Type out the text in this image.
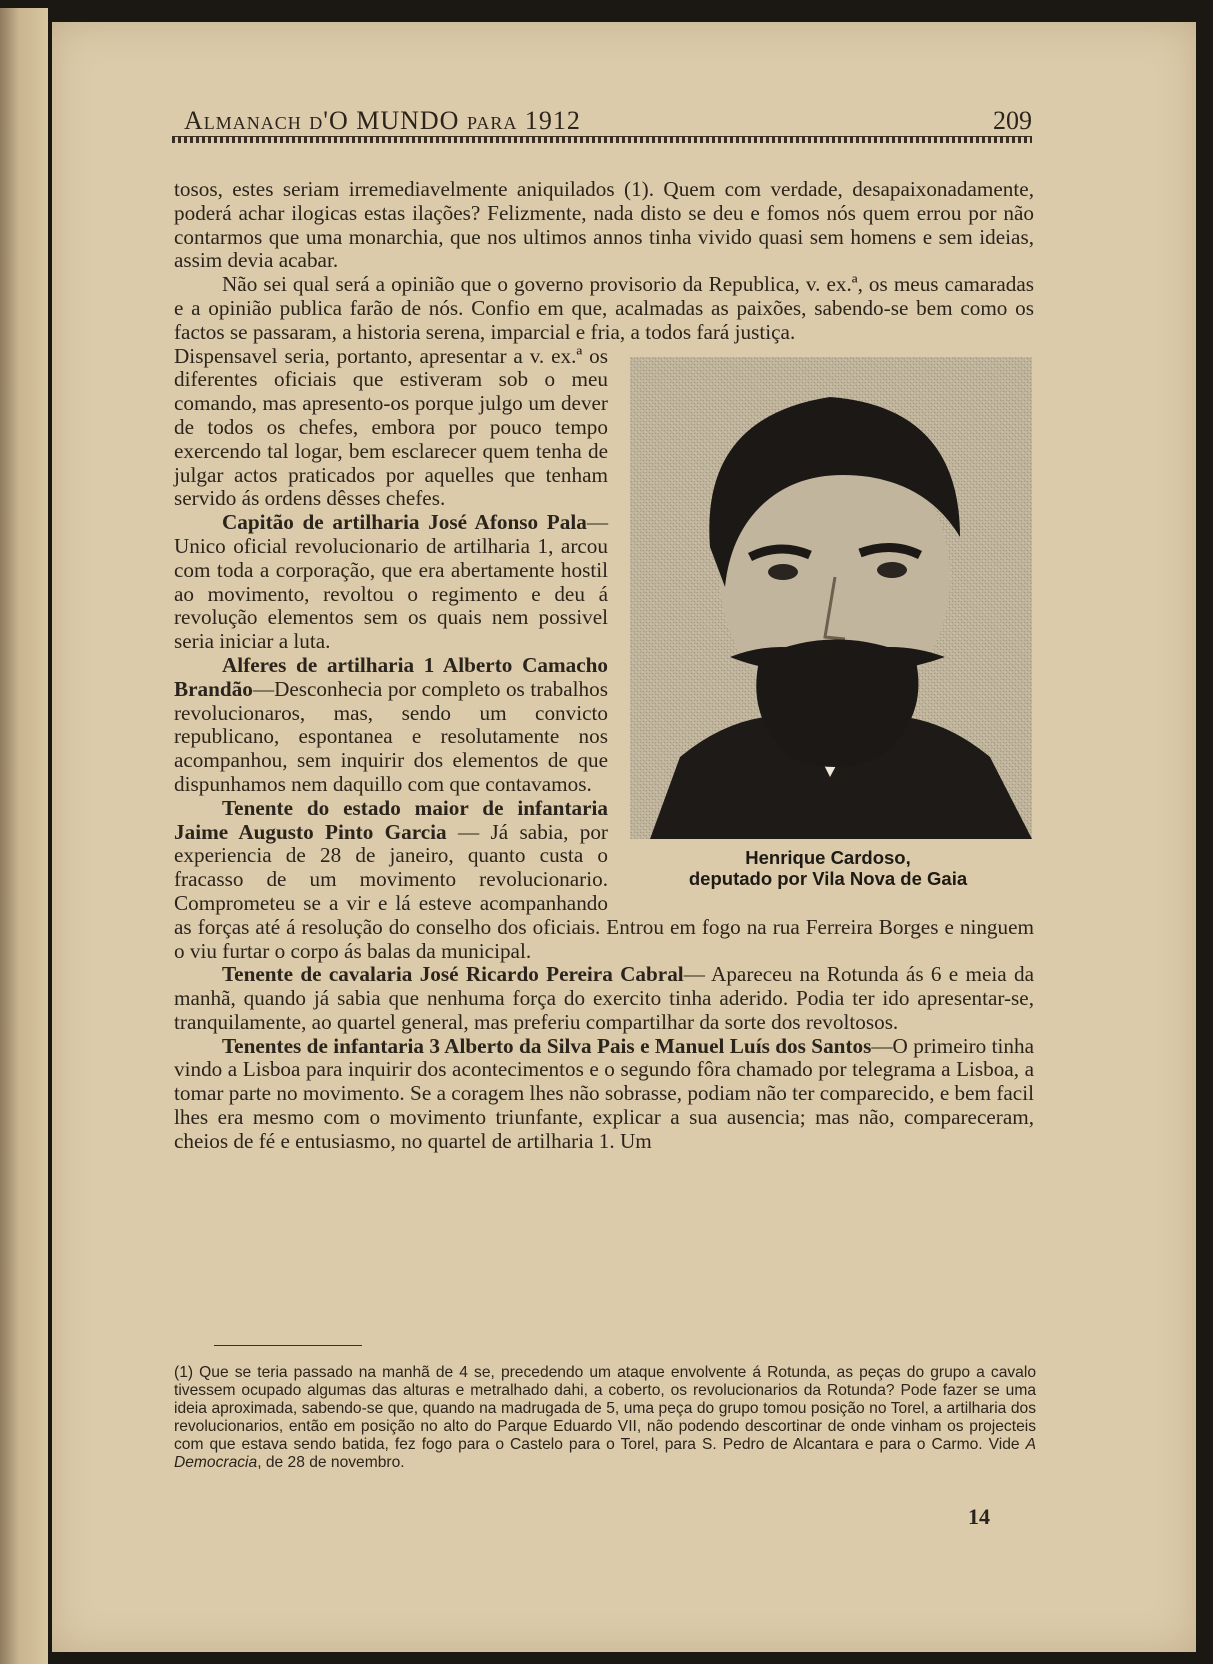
Almanach d'O MUNDO para 1912	209

tosos, estes seriam irremediavelmente aniquilados (1). Quem com verdade, desapaixonadamente, poderá achar ilogicas estas ilações? Felizmente, nada disto se deu e fomos nós quem errou por não contarmos que uma monarchia, que nos ultimos annos tinha vivido quasi sem homens e sem ideias, assim devia acabar.

Não sei qual será a opinião que o governo provisorio da Republica, v. ex.ª, os meus camaradas e a opinião publica farão de nós. Confio em que, acalmadas as paixões, sabendo-se bem como os factos se passaram, a historia serena, imparcial e fria, a todos fará justiça.

Henrique Cardoso,
deputado por Vila Nova de Gaia

Dispensavel seria, portanto, apresentar a v. ex.ª os diferentes oficiais que estiveram sob o meu comando, mas apresento-os porque julgo um dever de todos os chefes, embora por pouco tempo exercendo tal logar, bem esclarecer quem tenha de julgar actos praticados por aquelles que tenham servido ás ordens dêsses chefes.

Capitão de artilharia José Afonso Pala—Unico oficial revolucionario de artilharia 1, arcou com toda a corporação, que era abertamente hostil ao movimento, revoltou o regimento e deu á revolução elementos sem os quais nem possivel seria iniciar a luta.

Alferes de artilharia 1 Alberto Camacho Brandão—Desconhecia por completo os trabalhos revolucionaros, mas, sendo um convicto republicano, espontanea e resolutamente nos acompanhou, sem inquirir dos elementos de que dispunhamos nem daquillo com que contavamos.

Tenente do estado maior de infantaria Jaime Augusto Pinto Garcia — Já sabia, por experiencia de 28 de janeiro, quanto custa o fracasso de um movimento revolucionario. Comprometeu se a vir e lá esteve acompanhando as forças até á resolução do conselho dos oficiais. Entrou em fogo na rua Ferreira Borges e ninguem o viu furtar o corpo ás balas da municipal.

Tenente de cavalaria José Ricardo Pereira Cabral— Apareceu na Rotunda ás 6 e meia da manhã, quando já sabia que nenhuma força do exercito tinha aderido. Podia ter ido apresentar-se, tranquilamente, ao quartel general, mas preferiu compartilhar da sorte dos revoltosos.

Tenentes de infantaria 3 Alberto da Silva Pais e Manuel Luís dos Santos—O primeiro tinha vindo a Lisboa para inquirir dos acontecimentos e o segundo fôra chamado por telegrama a Lisboa, a tomar parte no movimento. Se a coragem lhes não sobrasse, podiam não ter comparecido, e bem facil lhes era mesmo com o movimento triunfante, explicar a sua ausencia; mas não, compareceram, cheios de fé e entusiasmo, no quartel de artilharia 1. Um

(1) Que se teria passado na manhã de 4 se, precedendo um ataque envolvente á Rotunda, as peças do grupo a cavalo tivessem ocupado algumas das alturas e metralhado dahi, a coberto, os revolucionarios da Rotunda? Pode fazer se uma ideia aproximada, sabendo-se que, quando na madrugada de 5, uma peça do grupo tomou posição no Torel, a artilharia dos revolucionarios, então em posição no alto do Parque Eduardo VII, não podendo descortinar de onde vinham os projecteis com que estava sendo batida, fez fogo para o Castelo para o Torel, para S. Pedro de Alcantara e para o Carmo. Vide A Democracia, de 28 de novembro.

14
